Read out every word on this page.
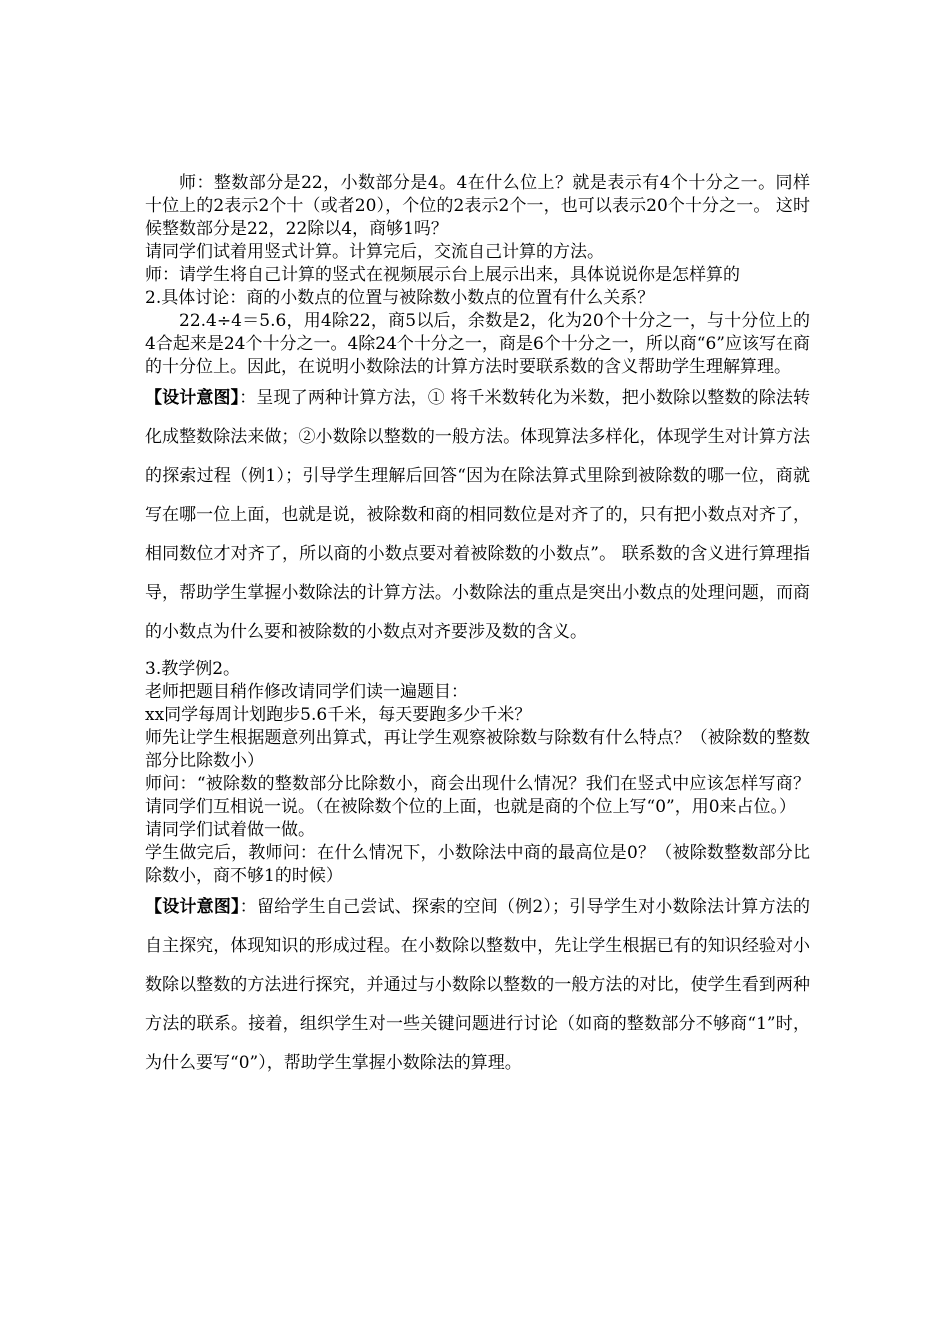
师：整数部分是22，小数部分是4。4在什么位上？就是表示有4个十分之一。同样十位上的2表示2个十（或者20），个位的2表示2个一，也可以表示20个十分之一。 这时候整数部分是22，22除以4，商够1吗？

请同学们试着用竖式计算。计算完后，交流自己计算的方法。

师：请学生将自己计算的竖式在视频展示台上展示出来，具体说说你是怎样算的

2.具体讨论：商的小数点的位置与被除数小数点的位置有什么关系？

22.4÷4＝5.6，用4除22，商5以后，余数是2，化为20个十分之一，与十分位上的4合起来是24个十分之一。4除24个十分之一，商是6个十分之一，所以商“6”应该写在商的十分位上。因此，在说明小数除法的计算方法时要联系数的含义帮助学生理解算理。

【设计意图】：呈现了两种计算方法，① 将千米数转化为米数，把小数除以整数的除法转化成整数除法来做；②小数除以整数的一般方法。体现算法多样化，体现学生对计算方法的探索过程（例1）；引导学生理解后回答“因为在除法算式里除到被除数的哪一位，商就写在哪一位上面，也就是说，被除数和商的相同数位是对齐了的，只有把小数点对齐了，相同数位才对齐了，所以商的小数点要对着被除数的小数点”。 联系数的含义进行算理指导，帮助学生掌握小数除法的计算方法。小数除法的重点是突出小数点的处理问题，而商的小数点为什么要和被除数的小数点对齐要涉及数的含义。

3.教学例2。

老师把题目稍作修改请同学们读一遍题目：

xx同学每周计划跑步5.6千米，每天要跑多少千米？

师先让学生根据题意列出算式，再让学生观察被除数与除数有什么特点？（被除数的整数部分比除数小）

师问：“被除数的整数部分比除数小，商会出现什么情况？我们在竖式中应该怎样写商？请同学们互相说一说。（在被除数个位的上面，也就是商的个位上写“0”，用0来占位。）

请同学们试着做一做。

学生做完后，教师问：在什么情况下，小数除法中商的最高位是0？（被除数整数部分比除数小，商不够1的时候）

【设计意图】：留给学生自己尝试、探索的空间（例2）；引导学生对小数除法计算方法的自主探究，体现知识的形成过程。在小数除以整数中，先让学生根据已有的知识经验对小数除以整数的方法进行探究，并通过与小数除以整数的一般方法的对比，使学生看到两种方法的联系。接着，组织学生对一些关键问题进行讨论（如商的整数部分不够商“1”时，为什么要写“0”），帮助学生掌握小数除法的算理。
